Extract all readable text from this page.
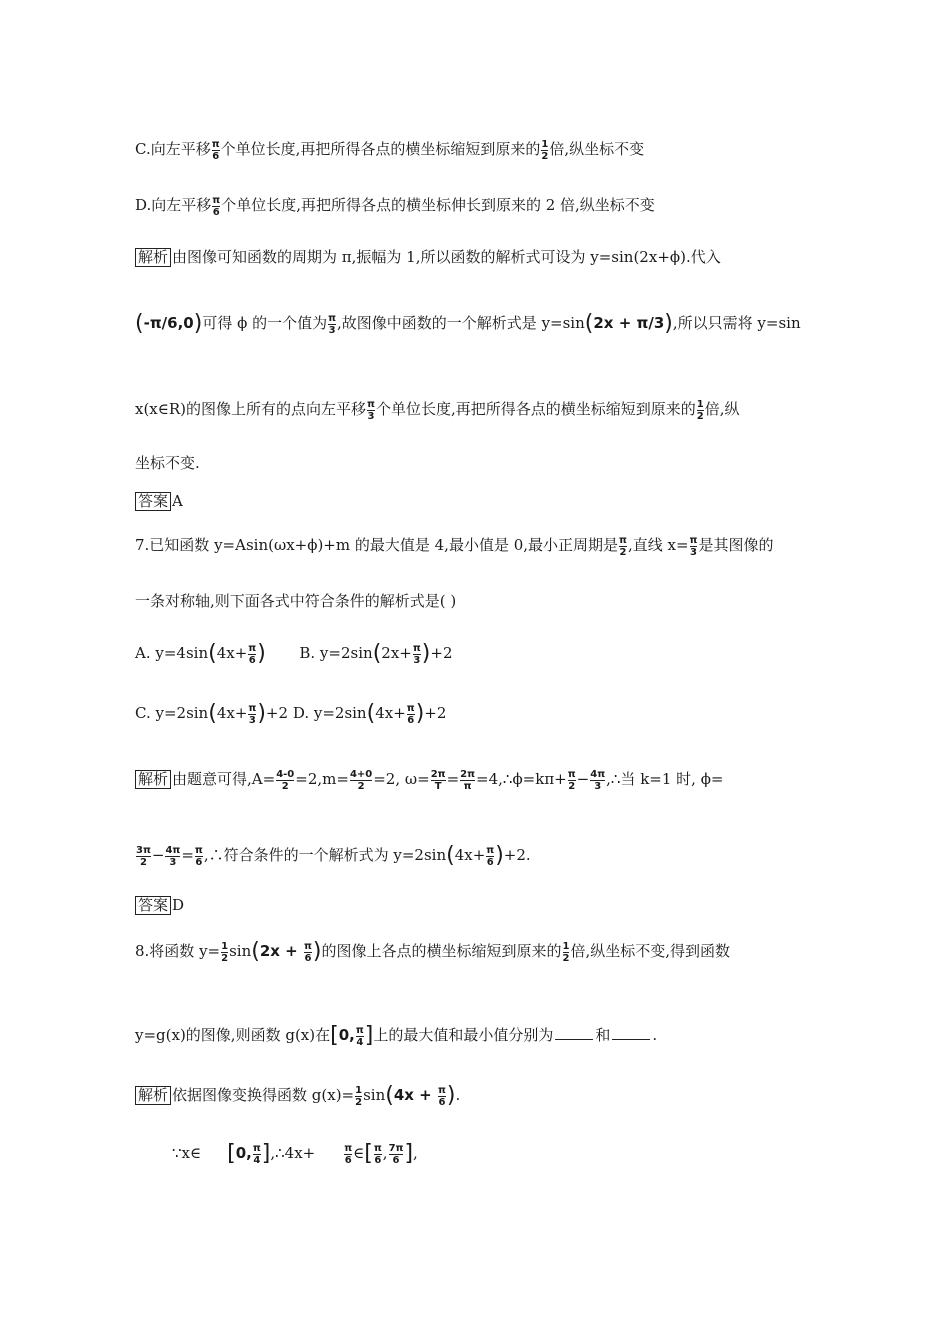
C.向左平移 $\frac{\pi}{6}$ 个单位长度,再把所得各点的横坐标缩短到原来的 $\frac{1}{2}$ 倍,纵坐标不变
D.向左平移 $\frac{\pi}{6}$ 个单位长度,再把所得各点的横坐标伸长到原来的 2 倍,纵坐标不变
解析 由图像可知函数的周期为 π,振幅为 1,所以函数的解析式可设为 y=sin(2x+ϕ).代入
(-π/6,0)可得 ϕ 的一个值为 $\frac{\pi}{3}$ ,故图像中函数的一个解析式是 y=sin(2x + π/3),所以只需将 y=sin
x(x∈R)的图像上所有的点向左平移 $\frac{\pi}{3}$ 个单位长度,再把所得各点的横坐标缩短到原来的 $\frac{1}{2}$ 倍,纵
坐标不变.
答案 A
7.已知函数 y=Asin(ωx+ϕ)+m 的最大值是 4,最小值是 0,最小正周期是 $\frac{\pi}{2}$ ,直线 $x= \frac{\pi}{3}$ 是其图像的
一条对称轴,则下面各式中符合条件的解析式是( )
A. $y=4\sin(4x+ \frac{\pi}{6}$ ) B. $y=2\sin(2x+ \frac{\pi}{3} )+2$
C. $y=2\sin(4x+ \frac{\pi}{3} )+2$ D. $y=2\sin(4x+ \frac{\pi}{6} )+2$
解析 由题意可得$,A= \frac{4-0}{2} =2,m= \frac{4+0}{2} =2$, $\omega= \frac{2\pi}{T} = \frac{2\pi}{\pi}$ =4,∴ϕ=kπ+ $\frac{\pi}{2} - \frac{4\pi}{3}$ ,∴当 k=1 时, ϕ=
$\frac{3\pi}{2} - \frac{4\pi}{3} = \frac{\pi}{6}$ ,∴符合条件的一个解析式为 $y=2\sin(4x+ \frac{\pi}{6} )+2$.
答案 D
8.将函数 $y= \frac{1}{2} \sin(2x + \frac{\pi}{6}$ )的图像上各点的横坐标缩短到原来的 $\frac{1}{2}$ 倍,纵坐标不变,得到函数
y=g(x)的图像,则函数 g(x)在[0, $\frac{\pi}{4}$ ]上的最大值和最小值分别为	和	.
解析 依据图像变换得函数 $g(x)= \frac{1}{2} \sin(4x + \frac{\pi}{6}$ ).
∵x∈ [0, $\frac{\pi}{4}$ ],∴4x+	$\frac{\pi}{6}$ ∈[ $\frac{\pi}{6}$ , $\frac{7\pi}{6}$ ],
